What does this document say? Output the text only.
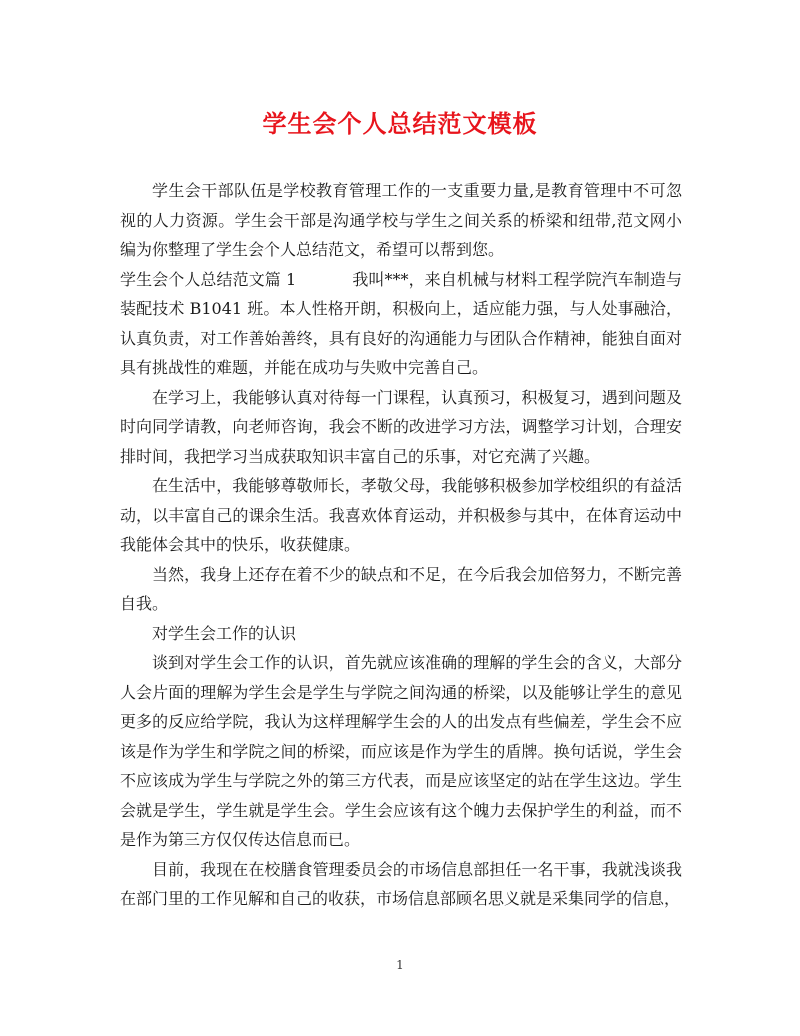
学生会个人总结范文模板

学生会干部队伍是学校教育管理工作的一支重要力量,是教育管理中不可忽视的人力资源。学生会干部是沟通学校与学生之间关系的桥梁和纽带,范文网小编为你整理了学生会个人总结范文，希望可以帮到您。

学生会个人总结范文篇 1	我叫***，来自机械与材料工程学院汽车制造与装配技术 B1041 班。本人性格开朗，积极向上，适应能力强，与人处事融洽，认真负责，对工作善始善终，具有良好的沟通能力与团队合作精神，能独自面对具有挑战性的难题，并能在成功与失败中完善自己。

在学习上，我能够认真对待每一门课程，认真预习，积极复习，遇到问题及时向同学请教，向老师咨询，我会不断的改进学习方法，调整学习计划，合理安排时间，我把学习当成获取知识丰富自己的乐事，对它充满了兴趣。

在生活中，我能够尊敬师长，孝敬父母，我能够积极参加学校组织的有益活动，以丰富自己的课余生活。我喜欢体育运动，并积极参与其中，在体育运动中我能体会其中的快乐，收获健康。

当然，我身上还存在着不少的缺点和不足，在今后我会加倍努力，不断完善自我。

对学生会工作的认识

谈到对学生会工作的认识，首先就应该准确的理解的学生会的含义，大部分人会片面的理解为学生会是学生与学院之间沟通的桥梁，以及能够让学生的意见更多的反应给学院，我认为这样理解学生会的人的出发点有些偏差，学生会不应该是作为学生和学院之间的桥梁，而应该是作为学生的盾牌。换句话说，学生会不应该成为学生与学院之外的第三方代表，而是应该坚定的站在学生这边。学生会就是学生，学生就是学生会。学生会应该有这个魄力去保护学生的利益，而不是作为第三方仅仅传达信息而已。

目前，我现在在校膳食管理委员会的市场信息部担任一名干事，我就浅谈我在部门里的工作见解和自己的收获，市场信息部顾名思义就是采集同学的信息，

1
